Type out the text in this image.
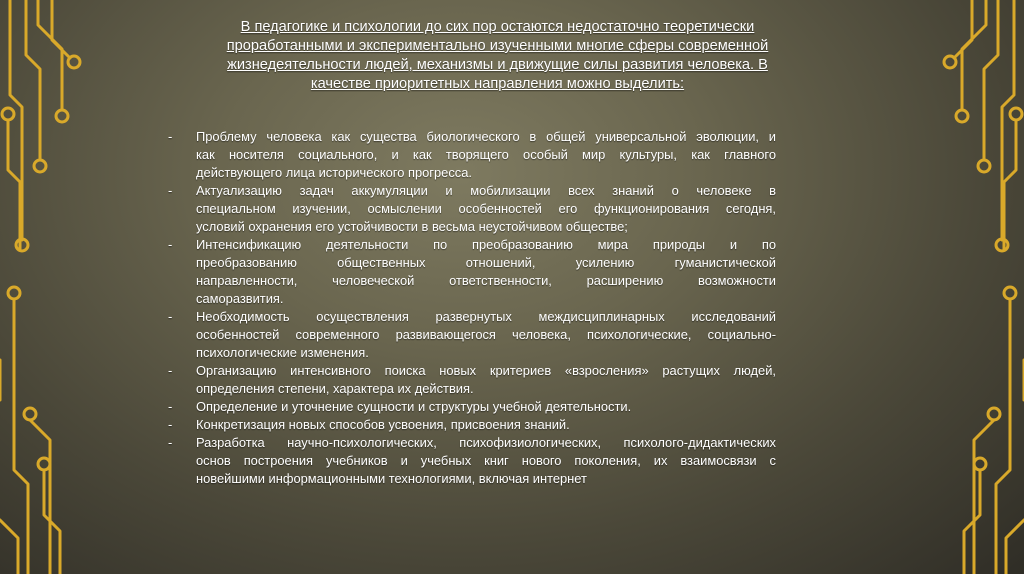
В педагогике и психологии до сих пор остаются недостаточно теоретически
проработанными и экспериментально изученными многие сферы современной
жизнедеятельности людей, механизмы и движущие силы развития человека. В
качестве приоритетных направления можно выделить:
-	Проблему человека как существа биологического в общей универсальной эволюции, и
как носителя социального, и как творящего особый мир культуры, как главного
действующего лица исторического прогресса.
-	Актуализацию задач аккумуляции и мобилизации всех знаний о человеке в
специальном изучении, осмыслении особенностей его функционирования сегодня,
условий охранения его устойчивости в весьма неустойчивом обществе;
-	Интенсификацию деятельности по преобразованию мира природы и по
преобразованию общественных отношений, усилению гуманистической
направленности, человеческой ответственности, расширению возможности
саморазвития.
-	Необходимость осуществления развернутых междисциплинарных исследований
особенностей современного развивающегося человека, психологические, социально-
психологические изменения.
-	Организацию интенсивного поиска новых критериев «взросления» растущих людей,
определения степени, характера их действия.
-	Определение и уточнение сущности и структуры учебной деятельности.
-	Конкретизация новых способов усвоения, присвоения знаний.
-	Разработка научно-психологических, психофизиологических, психолого-дидактических
основ построения учебников и учебных книг нового поколения, их взаимосвязи с
новейшими информационными технологиями, включая интернет
